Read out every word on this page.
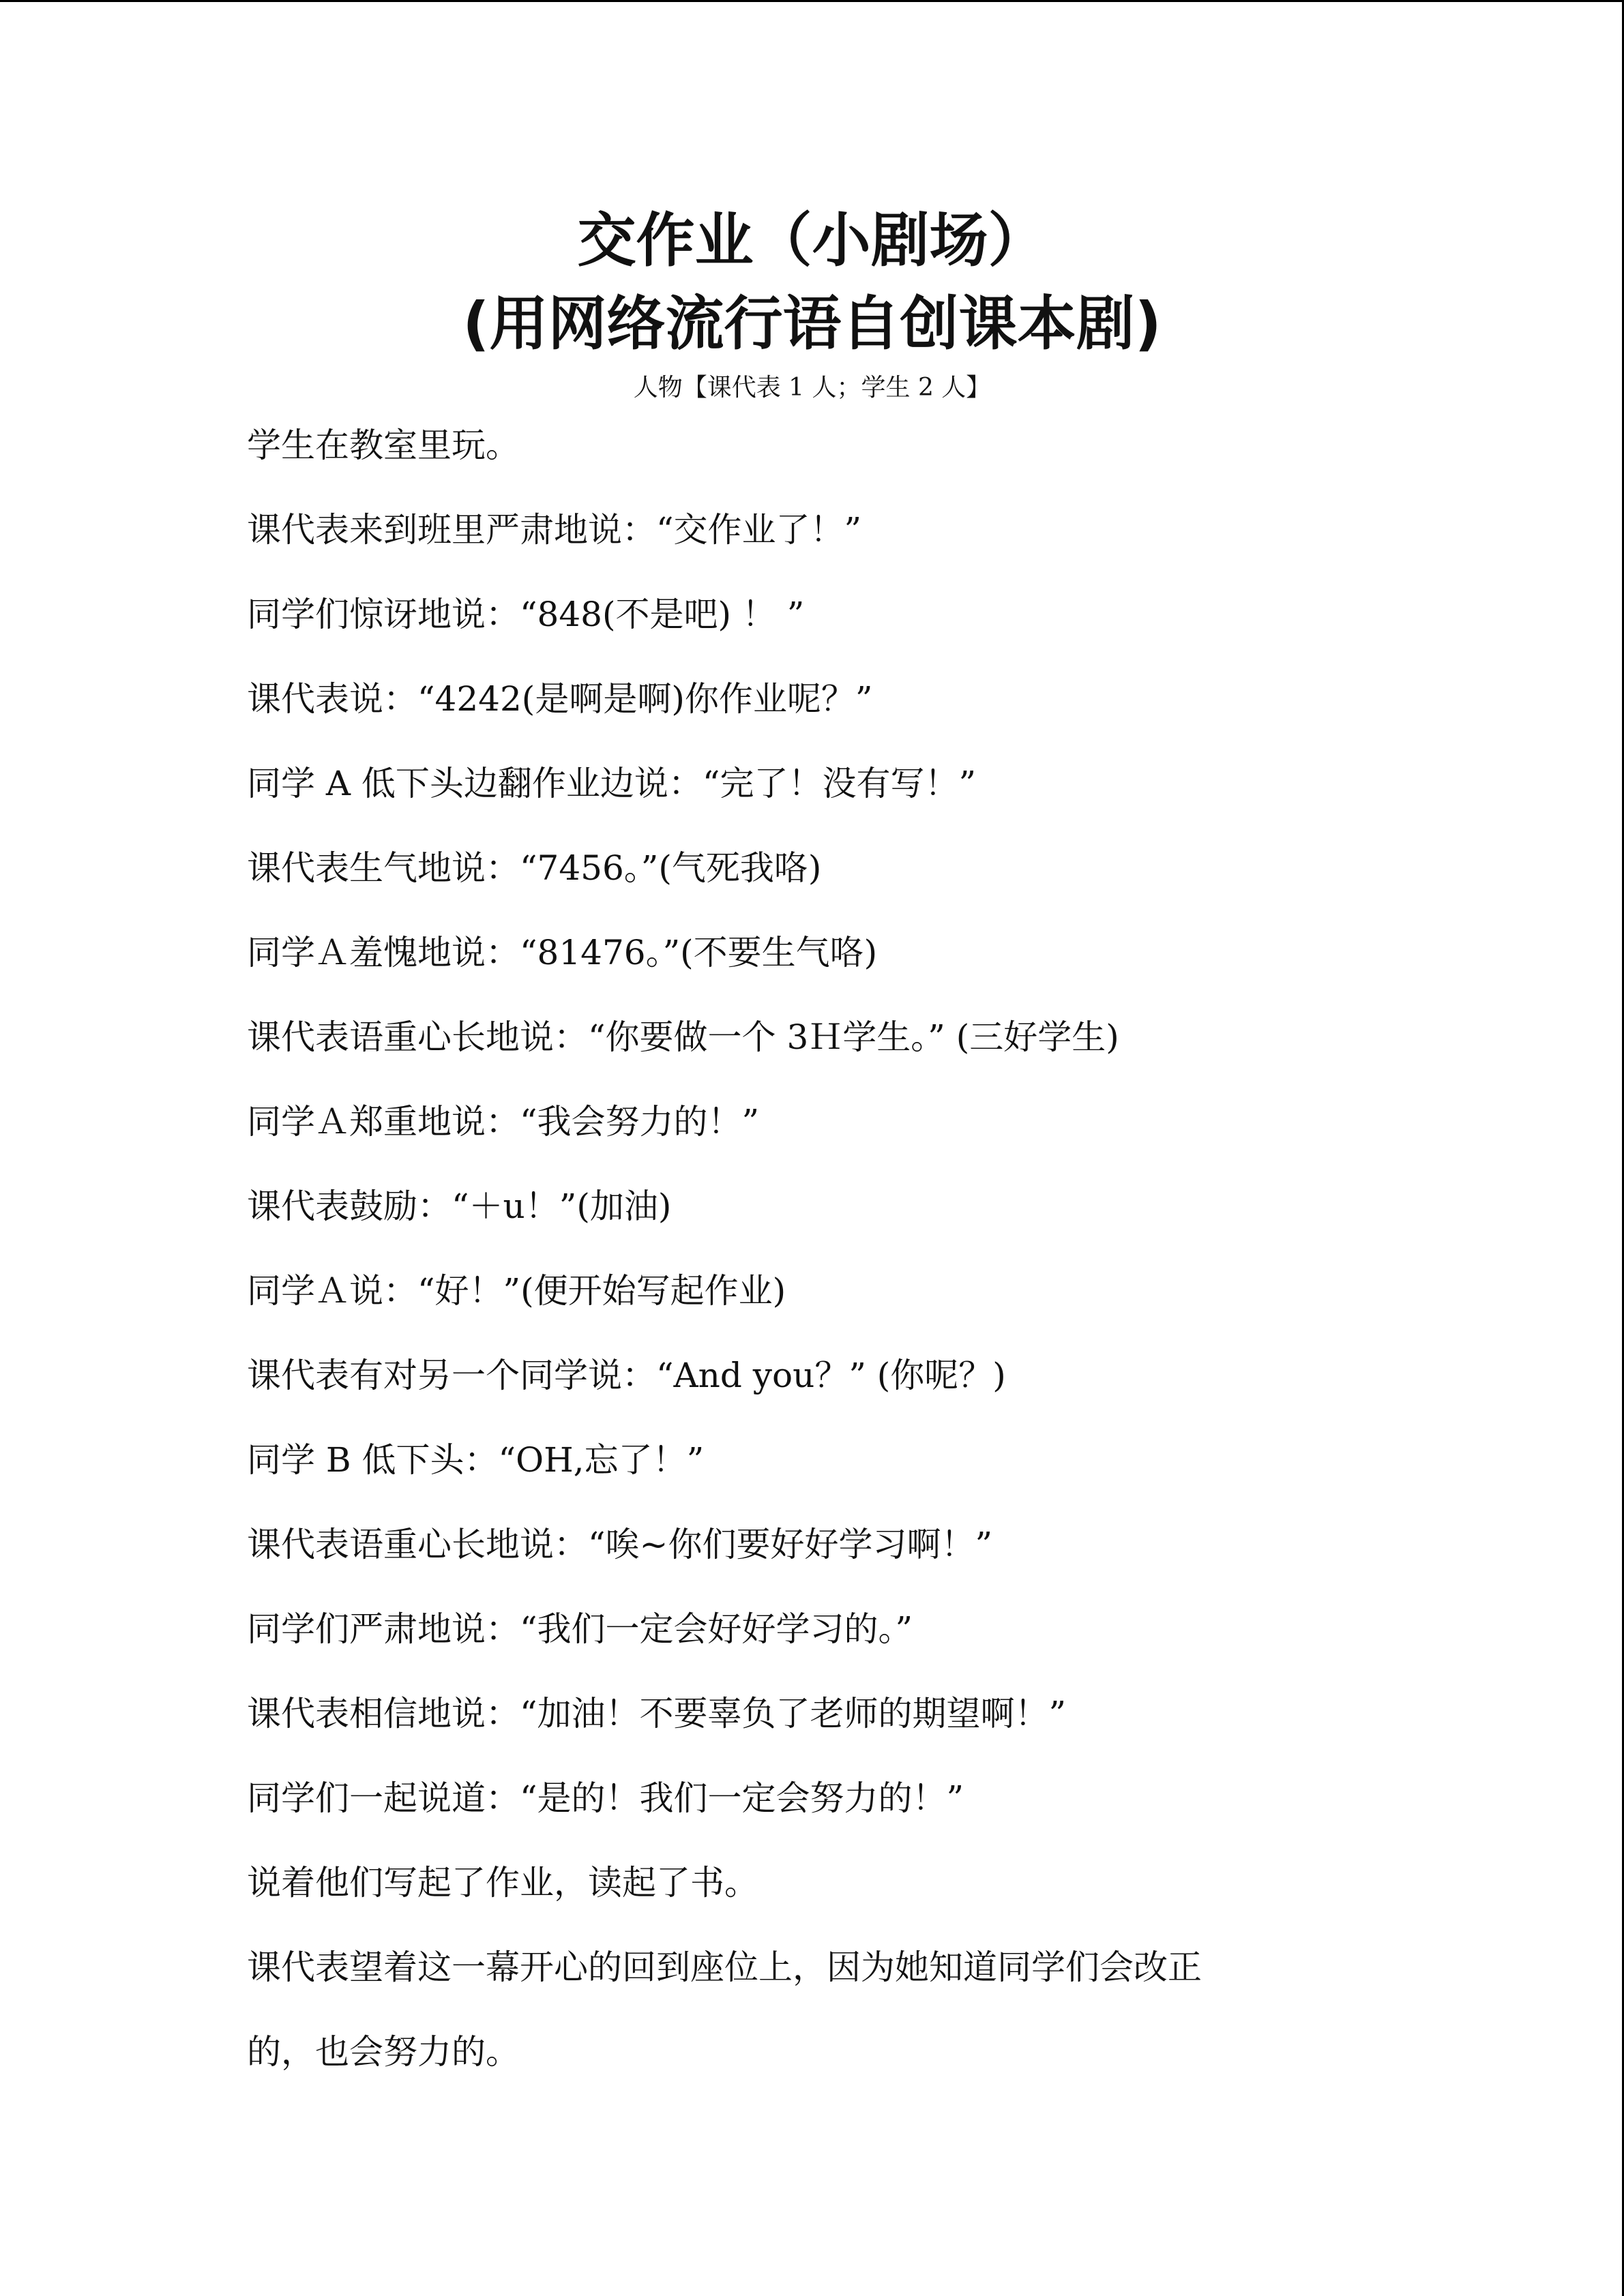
交作业（小剧场）
(用网络流行语自创课本剧)
人物【课代表 1 人；学生 2 人】
学生在教室里玩。
课代表来到班里严肃地说：“交作业了！”
同学们惊讶地说：“848(不是吧) ！ ”
课代表说：“4242(是啊是啊)你作业呢？”
同学 A 低下头边翻作业边说：“完了！没有写！”
课代表生气地说：“7456。”(气死我咯)
同学Ａ羞愧地说：“81476。”(不要生气咯)
课代表语重心长地说：“你要做一个 3Ｈ学生。” (三好学生)
同学Ａ郑重地说：“我会努力的！”
课代表鼓励：“＋u！”(加油)
同学Ａ说：“好！”(便开始写起作业)
课代表有对另一个同学说：“And you？” (你呢？)
同学 B 低下头：“OH,忘了！”
课代表语重心长地说：“唉~你们要好好学习啊！”
同学们严肃地说：“我们一定会好好学习的。”
课代表相信地说：“加油！不要辜负了老师的期望啊！”
同学们一起说道：“是的！我们一定会努力的！”
说着他们写起了作业，读起了书。
课代表望着这一幕开心的回到座位上，因为她知道同学们会改正
的，也会努力的。
